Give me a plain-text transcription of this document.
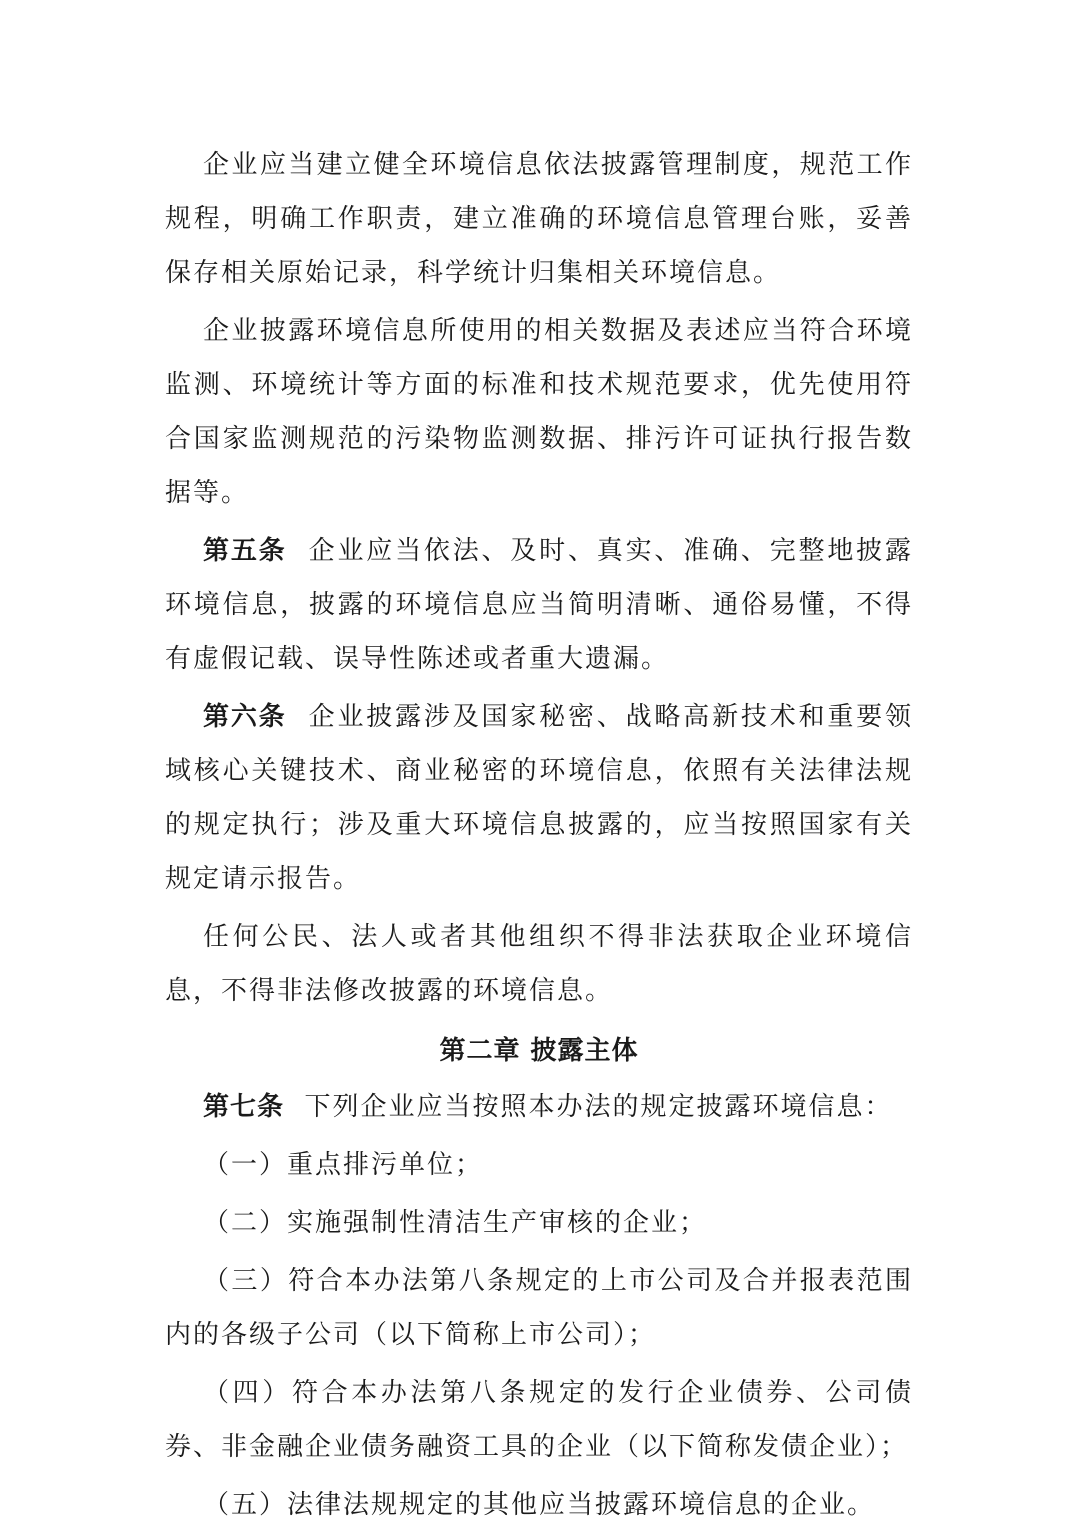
企业应当建立健全环境信息依法披露管理制度，规范工作规程，明确工作职责，建立准确的环境信息管理台账，妥善保存相关原始记录，科学统计归集相关环境信息。

企业披露环境信息所使用的相关数据及表述应当符合环境监测、环境统计等方面的标准和技术规范要求，优先使用符合国家监测规范的污染物监测数据、排污许可证执行报告数据等。

第五条 企业应当依法、及时、真实、准确、完整地披露环境信息，披露的环境信息应当简明清晰、通俗易懂，不得有虚假记载、误导性陈述或者重大遗漏。

第六条 企业披露涉及国家秘密、战略高新技术和重要领域核心关键技术、商业秘密的环境信息，依照有关法律法规的规定执行；涉及重大环境信息披露的，应当按照国家有关规定请示报告。

任何公民、法人或者其他组织不得非法获取企业环境信息，不得非法修改披露的环境信息。

第二章 披露主体

第七条 下列企业应当按照本办法的规定披露环境信息：

（一）重点排污单位；

（二）实施强制性清洁生产审核的企业；

（三）符合本办法第八条规定的上市公司及合并报表范围内的各级子公司（以下简称上市公司）；

（四）符合本办法第八条规定的发行企业债券、公司债券、非金融企业债务融资工具的企业（以下简称发债企业）；

（五）法律法规规定的其他应当披露环境信息的企业。
